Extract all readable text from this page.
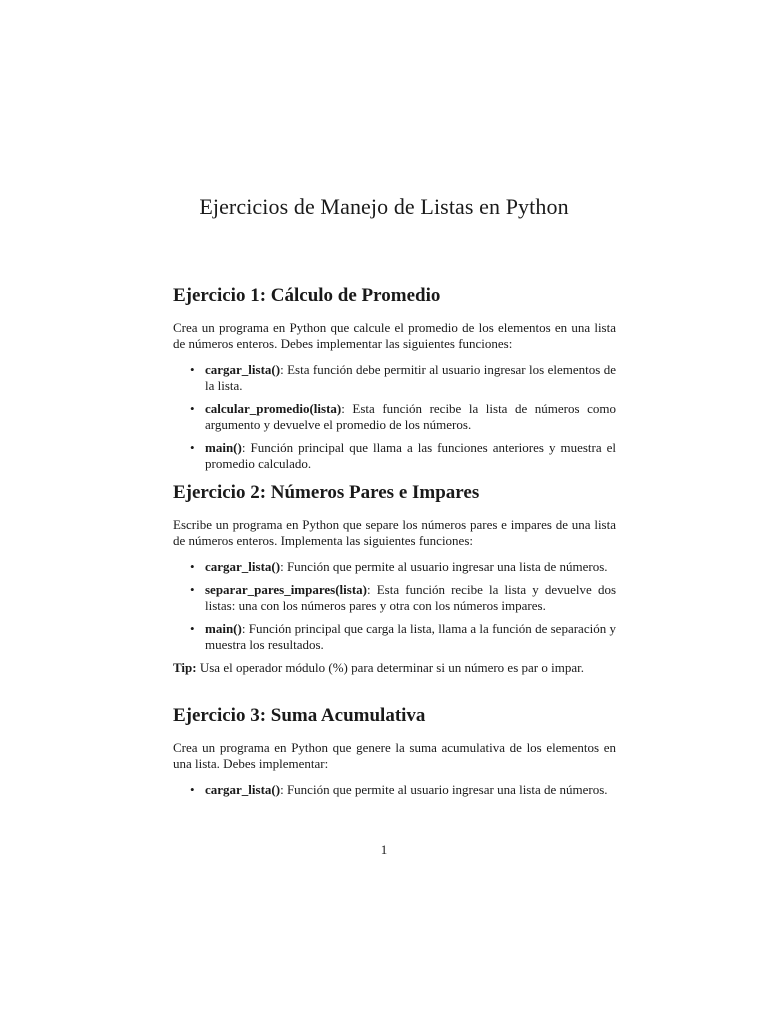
Ejercicios de Manejo de Listas en Python
Ejercicio 1: Cálculo de Promedio

Crea un programa en Python que calcule el promedio de los elementos en una lista de números enteros. Debes implementar las siguientes funciones:

• cargar_lista(): Esta función debe permitir al usuario ingresar los elementos de la lista.
• calcular_promedio(lista): Esta función recibe la lista de números como argumento y devuelve el promedio de los números.
• main(): Función principal que llama a las funciones anteriores y muestra el promedio calculado.
Ejercicio 2: Números Pares e Impares

Escribe un programa en Python que separe los números pares e impares de una lista de números enteros. Implementa las siguientes funciones:

• cargar_lista(): Función que permite al usuario ingresar una lista de números.
• separar_pares_impares(lista): Esta función recibe la lista y devuelve dos listas: una con los números pares y otra con los números impares.
• main(): Función principal que carga la lista, llama a la función de separación y muestra los resultados.

Tip: Usa el operador módulo (%) para determinar si un número es par o impar.

Ejercicio 3: Suma Acumulativa

Crea un programa en Python que genere la suma acumulativa de los elementos en una lista. Debes implementar:

• cargar_lista(): Función que permite al usuario ingresar una lista de números.
1
